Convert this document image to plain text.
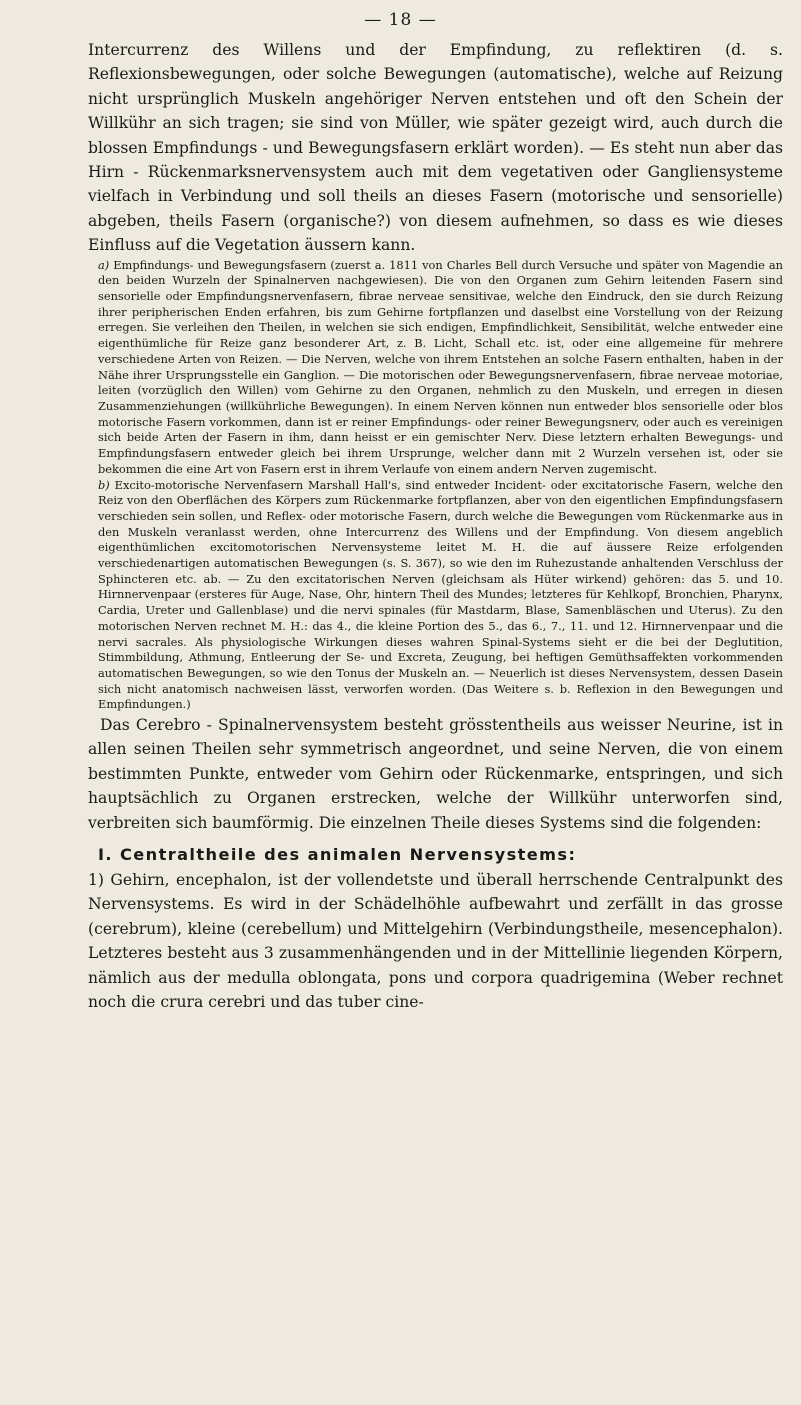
— 18 —

Intercurrenz des Willens und der Empfindung, zu reflektiren (d. s. Reflexionsbewegungen, oder solche Bewegungen (automatische), welche auf Reizung nicht ursprünglich Muskeln angehöriger Nerven entstehen und oft den Schein der Willkühr an sich tragen; sie sind von Müller, wie später gezeigt wird, auch durch die blossen Empfindungs - und Bewegungsfasern erklärt worden). — Es steht nun aber das Hirn - Rückenmarksnervensystem auch mit dem vegetativen oder Gangliensysteme vielfach in Verbindung und soll theils an dieses Fasern (motorische und sensorielle) abgeben, theils Fasern (organische?) von diesem aufnehmen, so dass es wie dieses Einfluss auf die Vegetation äussern kann.

a) Empfindungs- und Bewegungsfasern (zuerst a. 1811 von Charles Bell durch Versuche und später von Magendie an den beiden Wurzeln der Spinalnerven nachgewiesen). Die von den Organen zum Gehirn leitenden Fasern sind sensorielle oder Empfindungsnervenfasern, fibrae nerveae sensitivae, welche den Eindruck, den sie durch Reizung ihrer peripherischen Enden erfahren, bis zum Gehirne fortpflanzen und daselbst eine Vorstellung von der Reizung erregen. Sie verleihen den Theilen, in welchen sie sich endigen, Empfindlichkeit, Sensibilität, welche entweder eine eigenthümliche für Reize ganz besonderer Art, z. B. Licht, Schall etc. ist, oder eine allgemeine für mehrere verschiedene Arten von Reizen. — Die Nerven, welche von ihrem Entstehen an solche Fasern enthalten, haben in der Nähe ihrer Ursprungsstelle ein Ganglion. — Die motorischen oder Bewegungsnervenfasern, fibrae nerveae motoriae, leiten (vorzüglich den Willen) vom Gehirne zu den Organen, nehmlich zu den Muskeln, und erregen in diesen Zusammenziehungen (willkührliche Bewegungen). In einem Nerven können nun entweder blos sensorielle oder blos motorische Fasern vorkommen, dann ist er reiner Empfindungs- oder reiner Bewegungsnerv, oder auch es vereinigen sich beide Arten der Fasern in ihm, dann heisst er ein gemischter Nerv. Diese letztern erhalten Bewegungs- und Empfindungsfasern entweder gleich bei ihrem Ursprunge, welcher dann mit 2 Wurzeln versehen ist, oder sie bekommen die eine Art von Fasern erst in ihrem Verlaufe von einem andern Nerven zugemischt.

b) Excito-motorische Nervenfasern Marshall Hall's, sind entweder Incident- oder excitatorische Fasern, welche den Reiz von den Oberflächen des Körpers zum Rückenmarke fortpflanzen, aber von den eigentlichen Empfindungsfasern verschieden sein sollen, und Reflex- oder motorische Fasern, durch welche die Bewegungen vom Rückenmarke aus in den Muskeln veranlasst werden, ohne Intercurrenz des Willens und der Empfindung. Von diesem angeblich eigenthümlichen excitomotorischen Nervensysteme leitet M. H. die auf äussere Reize erfolgenden verschiedenartigen automatischen Bewegungen (s. S. 367), so wie den im Ruhezustande anhaltenden Verschluss der Sphincteren etc. ab. — Zu den excitatorischen Nerven (gleichsam als Hüter wirkend) gehören: das 5. und 10. Hirnnervenpaar (ersteres für Auge, Nase, Ohr, hintern Theil des Mundes; letzteres für Kehlkopf, Bronchien, Pharynx, Cardia, Ureter und Gallenblase) und die nervi spinales (für Mastdarm, Blase, Samenbläschen und Uterus). Zu den motorischen Nerven rechnet M. H.: das 4., die kleine Portion des 5., das 6., 7., 11. und 12. Hirnnervenpaar und die nervi sacrales. Als physiologische Wirkungen dieses wahren Spinal-Systems sieht er die bei der Deglutition, Stimmbildung, Athmung, Entleerung der Se- und Excreta, Zeugung, bei heftigen Gemüthsaffekten vorkommenden automatischen Bewegungen, so wie den Tonus der Muskeln an. — Neuerlich ist dieses Nervensystem, dessen Dasein sich nicht anatomisch nachweisen lässt, verworfen worden. (Das Weitere s. b. Reflexion in den Bewegungen und Empfindungen.)

Das Cerebro - Spinalnervensystem besteht grösstentheils aus weisser Neurine, ist in allen seinen Theilen sehr symmetrisch angeordnet, und seine Nerven, die von einem bestimmten Punkte, entweder vom Gehirn oder Rückenmarke, entspringen, und sich hauptsächlich zu Organen erstrecken, welche der Willkühr unterworfen sind, verbreiten sich baumförmig. Die einzelnen Theile dieses Systems sind die folgenden:

I. Centraltheile des animalen Nervensystems:

1) Gehirn, encephalon, ist der vollendetste und überall herrschende Centralpunkt des Nervensystems. Es wird in der Schädelhöhle aufbewahrt und zerfällt in das grosse (cerebrum), kleine (cerebellum) und Mittelgehirn (Verbindungstheile, mesencephalon). Letzteres besteht aus 3 zusammenhängenden und in der Mittellinie liegenden Körpern, nämlich aus der medulla oblongata, pons und corpora quadrigemina (Weber rechnet noch die crura cerebri und das tuber cine-
